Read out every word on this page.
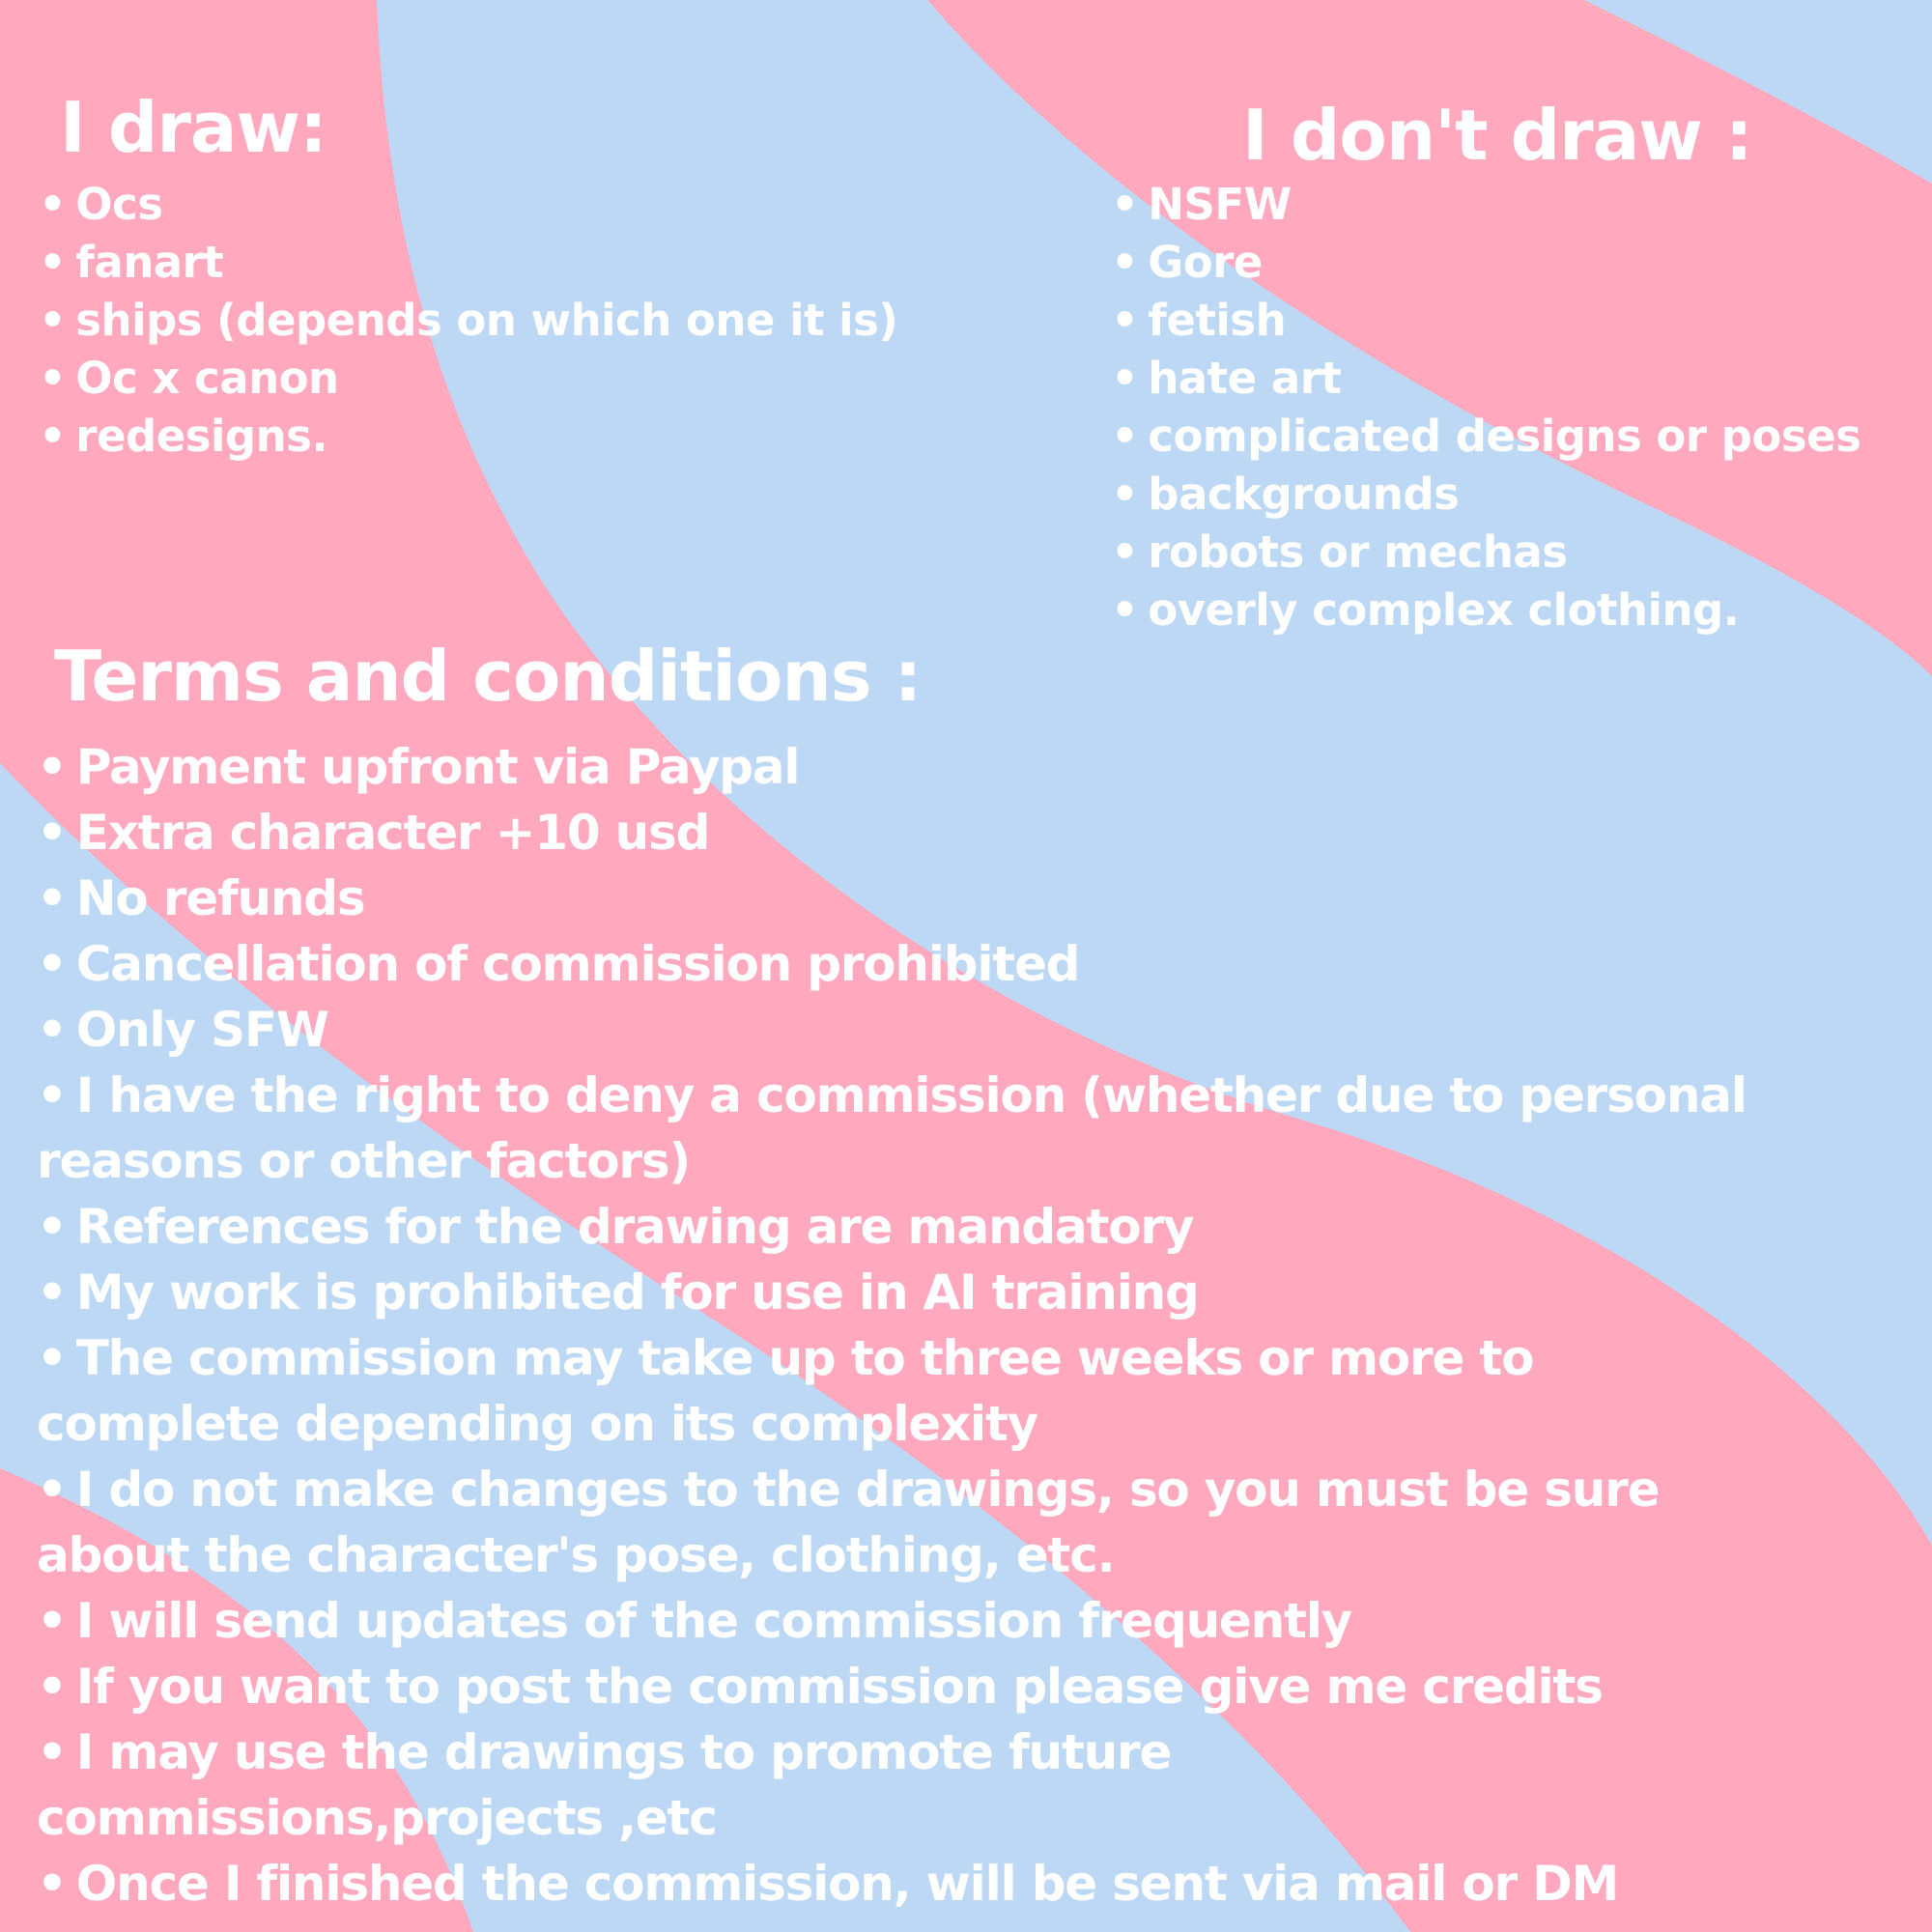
I draw:
• Ocs
• fanart
• ships (depends on which one it is)
• Oc x canon
• redesigns.
I don't draw :
• NSFW
• Gore
• fetish
• hate art
• complicated designs or poses
• backgrounds
• robots or mechas
• overly complex clothing.
Terms and conditions :
• Payment upfront via Paypal
• Extra character +10 usd
• No refunds
• Cancellation of commission prohibited
• Only SFW
• I have the right to deny a commission (whether due to personal
reasons or other factors)
• References for the drawing are mandatory
• My work is prohibited for use in AI training
• The commission may take up to three weeks or more to
complete depending on its complexity
• I do not make changes to the drawings, so you must be sure
about the character's pose, clothing, etc.
• I will send updates of the commission frequently
• If you want to post the commission please give me credits
• I may use the drawings to promote future
commissions,projects ,etc
• Once I finished the commission, will be sent via mail or DM
